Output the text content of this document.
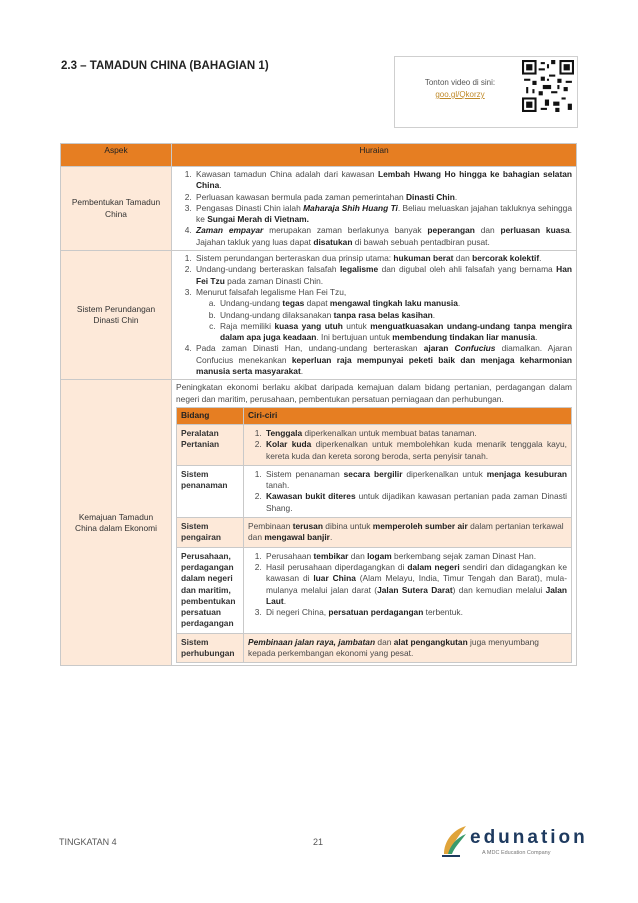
2.3 – TAMADUN CHINA (BAHAGIAN 1)
Tonton video di sini:
goo.gl/Qkorzy
Aspek	Huraian
Pembentukan Tamadun China	
1. Kawasan tamadun China adalah dari kawasan Lembah Hwang Ho hingga ke bahagian selatan China.
2. Perluasan kawasan bermula pada zaman pemerintahan Dinasti Chin.
3. Pengasas Dinasti Chin ialah Maharaja Shih Huang Ti. Beliau meluaskan jajahan takluknya sehingga ke Sungai Merah di Vietnam.
4. Zaman empayar merupakan zaman berlakunya banyak peperangan dan perluasan kuasa. Jajahan takluk yang luas dapat disatukan di bawah sebuah pentadbiran pusat.

Sistem Perundangan Dinasti Chin	
1. Sistem perundangan berteraskan dua prinsip utama: hukuman berat dan bercorak kolektif.
2. Undang-undang berteraskan falsafah legalisme dan digubal oleh ahli falsafah yang bernama Han Fei Tzu pada zaman Dinasti Chin.
3. Menurut falsafah legalisme Han Fei Tzu,
a. Undang-undang tegas dapat mengawal tingkah laku manusia.
b. Undang-undang dilaksanakan tanpa rasa belas kasihan.
c. Raja memiliki kuasa yang utuh untuk menguatkuasakan undang-undang tanpa mengira dalam apa juga keadaan. Ini bertujuan untuk membendung tindakan liar manusia.
4. Pada zaman Dinasti Han, undang-undang berteraskan ajaran Confucius diamalkan. Ajaran Confucius menekankan keperluan raja mempunyai peketi baik dan menjaga keharmonian manusia serta masyarakat.

Kemajuan Tamadun China dalam Ekonomi	
Peningkatan ekonomi berlaku akibat daripada kemajuan dalam bidang pertanian, perdagangan dalam negeri dan maritim, perusahaan, pembentukan persatuan perniagaan dan perhubungan.
Bidang	Ciri-ciri
Peralatan Pertanian	
1. Tenggala diperkenalkan untuk membuat batas tanaman.
2. Kolar kuda diperkenalkan untuk membolehkan kuda menarik tenggala kayu, kereta kuda dan kereta sorong beroda, serta penyisir tanah.

Sistem penanaman	
1. Sistem penanaman secara bergilir diperkenalkan untuk menjaga kesuburan tanah.
2. Kawasan bukit diteres untuk dijadikan kawasan pertanian pada zaman Dinasti Shang.

Sistem pengairan	Pembinaan terusan dibina untuk memperoleh sumber air dalam pertanian terkawal dan mengawal banjir.
Perusahaan, perdagangan dalam negeri dan maritim, pembentukan persatuan perdagangan	
1. Perusahaan tembikar dan logam berkembang sejak zaman Dinast Han.
2. Hasil perusahaan diperdagangkan di dalam negeri sendiri dan didagangkan ke kawasan di luar China (Alam Melayu, India, Timur Tengah dan Barat), mula-mulanya melalui jalan darat (Jalan Sutera Darat) dan kemudian melalui Jalan Laut.
3. Di negeri China, persatuan perdagangan terbentuk.

Sistem perhubungan	Pembinaan jalan raya, jambatan dan alat pengangkutan juga menyumbang kepada perkembangan ekonomi yang pesat.
TINGKATAN 4	21	edunation
A MDC Education Company
